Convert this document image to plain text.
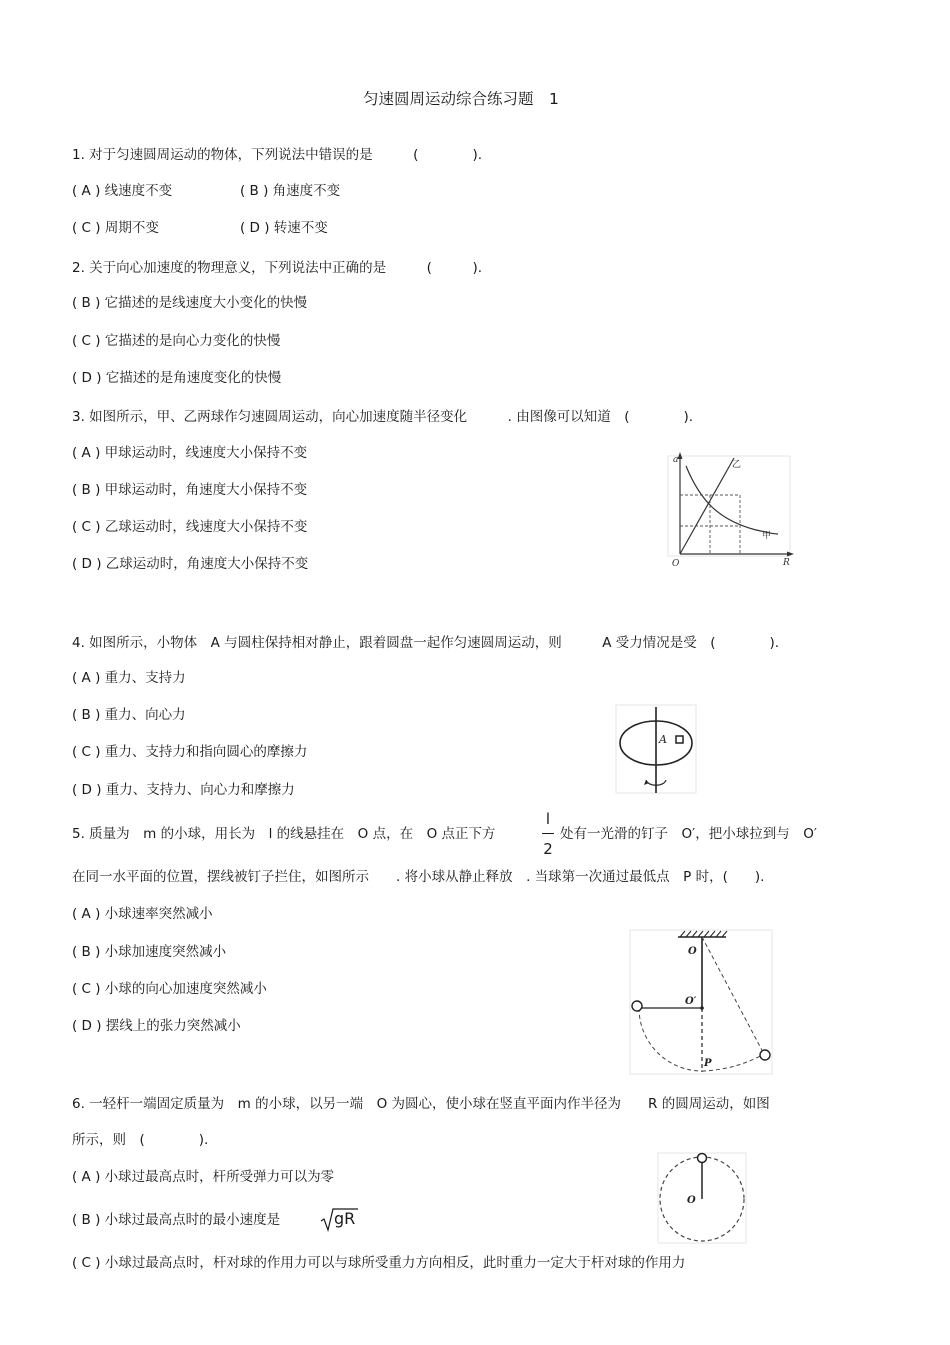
匀速圆周运动综合练习题　1
1. 对于匀速圆周运动的物体，下列说法中错误的是　　　(　　　　).
( A ) 线速度不变	( B ) 角速度不变
( C ) 周期不变	( D ) 转速不变
2. 关于向心加速度的物理意义，下列说法中正确的是　　　(　　　).
( B ) 它描述的是线速度大小变化的快慢
( C ) 它描述的是向心力变化的快慢
( D ) 它描述的是角速度变化的快慢
3. 如图所示，甲、乙两球作匀速圆周运动，向心加速度随半径变化　　　. 由图像可以知道　(　　　　).
( A ) 甲球运动时，线速度大小保持不变
( B ) 甲球运动时，角速度大小保持不变
( C ) 乙球运动时，线速度大小保持不变
( D ) 乙球运动时，角速度大小保持不变
a
R
O
乙
甲
4. 如图所示，小物体　A 与圆柱保持相对静止，跟着圆盘一起作匀速圆周运动，则　　　A 受力情况是受　(　　　　).
( A ) 重力、支持力
( B ) 重力、向心力
( C ) 重力、支持力和指向圆心的摩擦力
( D ) 重力、支持力、向心力和摩擦力
A
5. 质量为　m 的小球，用长为　l 的线悬挂在　O 点，在　O 点正下方
l
2
处有一光滑的钉子　O′，把小球拉到与　O′
在同一水平面的位置，摆线被钉子拦住，如图所示　　. 将小球从静止释放　. 当球第一次通过最低点　P 时，(　　).
( A ) 小球速率突然减小
( B ) 小球加速度突然减小
( C ) 小球的向心加速度突然减小
( D ) 摆线上的张力突然减小
O
O′
P
6. 一轻杆一端固定质量为　m 的小球，以另一端　O 为圆心，使小球在竖直平面内作半径为　　R 的圆周运动，如图
所示，则　(　　　　).
( A ) 小球过最高点时，杆所受弹力可以为零
( B ) 小球过最高点时的最小速度是	gR
( C ) 小球过最高点时，杆对球的作用力可以与球所受重力方向相反，此时重力一定大于杆对球的作用力
O
